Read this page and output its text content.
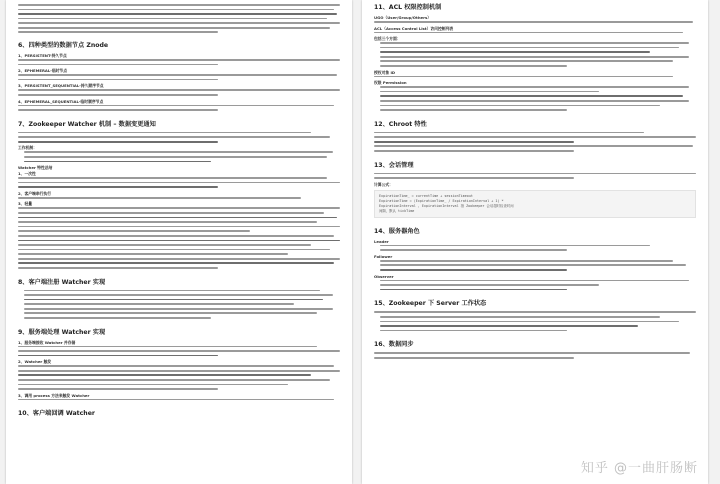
6、四种类型的数据节点 Znode
1、PERSISTENT-持久节点
2、EPHEMERAL-临时节点
3、PERSISTENT_SEQUENTIAL-持久顺序节点
4、EPHEMERAL_SEQUENTIAL-临时顺序节点
7、Zookeeper Watcher 机制 – 数据变更通知
工作机制：
Watcher 特性总结
1、一次性
2、客户端串行执行
3、轻量
8、客户端注册 Watcher 实现
9、服务端处理 Watcher 实现
1、服务端接收 Watcher 并存储
2、Watcher 触发
3、调用 process 方法来触发 Watcher
10、客户端回调 Watcher
11、ACL 权限控制机制
UGO（User/Group/Others）
ACL（Access Control List）访问控制列表
包括三个方面：
授权对象 ID
权限 Permission
12、Chroot 特性
13、会话管理
计算公式：
ExpirationTime_ = currentTime + sessionTimeout
ExpirationTime = (ExpirationTime_ / ExpirationInterval + 1) *
ExpirationInterval , ExpirationInterval 指 Zookeeper 会话超时检查时间
间隔，默认 tickTime
14、服务器角色
Leader
Follower
Observer
15、Zookeeper 下 Server 工作状态
16、数据同步
知乎 @一曲肝肠断
